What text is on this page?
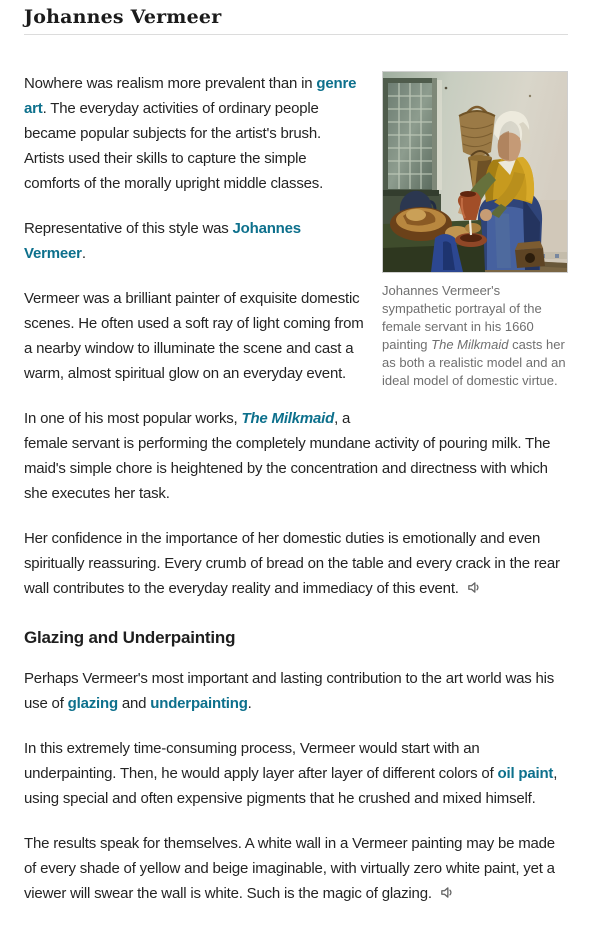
Johannes Vermeer
Johannes Vermeer's sympathetic portrayal of the female servant in his 1660 painting The Milkmaid casts her as both a realistic model and an ideal model of domestic virtue.

Nowhere was realism more prevalent than in genre art. The everyday activities of ordinary people became popular subjects for the artist's brush. Artists used their skills to capture the simple comforts of the morally upright middle classes.

Representative of this style was Johannes Vermeer.

Vermeer was a brilliant painter of exquisite domestic scenes. He often used a soft ray of light coming from a nearby window to illuminate the scene and cast a warm, almost spiritual glow on an everyday event.

In one of his most popular works, The Milkmaid, a female servant is performing the completely mundane activity of pouring milk. The maid's simple chore is heightened by the concentration and directness with which she executes her task.

Her confidence in the importance of her domestic duties is emotionally and even spiritually reassuring. Every crumb of bread on the table and every crack in the rear wall contributes to the everyday reality and immediacy of this event.

Glazing and Underpainting

Perhaps Vermeer's most important and lasting contribution to the art world was his use of glazing and underpainting.

In this extremely time-consuming process, Vermeer would start with an underpainting. Then, he would apply layer after layer of different colors of oil paint, using special and often expensive pigments that he crushed and mixed himself.

The results speak for themselves. A white wall in a Vermeer painting may be made of every shade of yellow and beige imaginable, with virtually zero white paint, yet a viewer will swear the wall is white. Such is the magic of glazing.
